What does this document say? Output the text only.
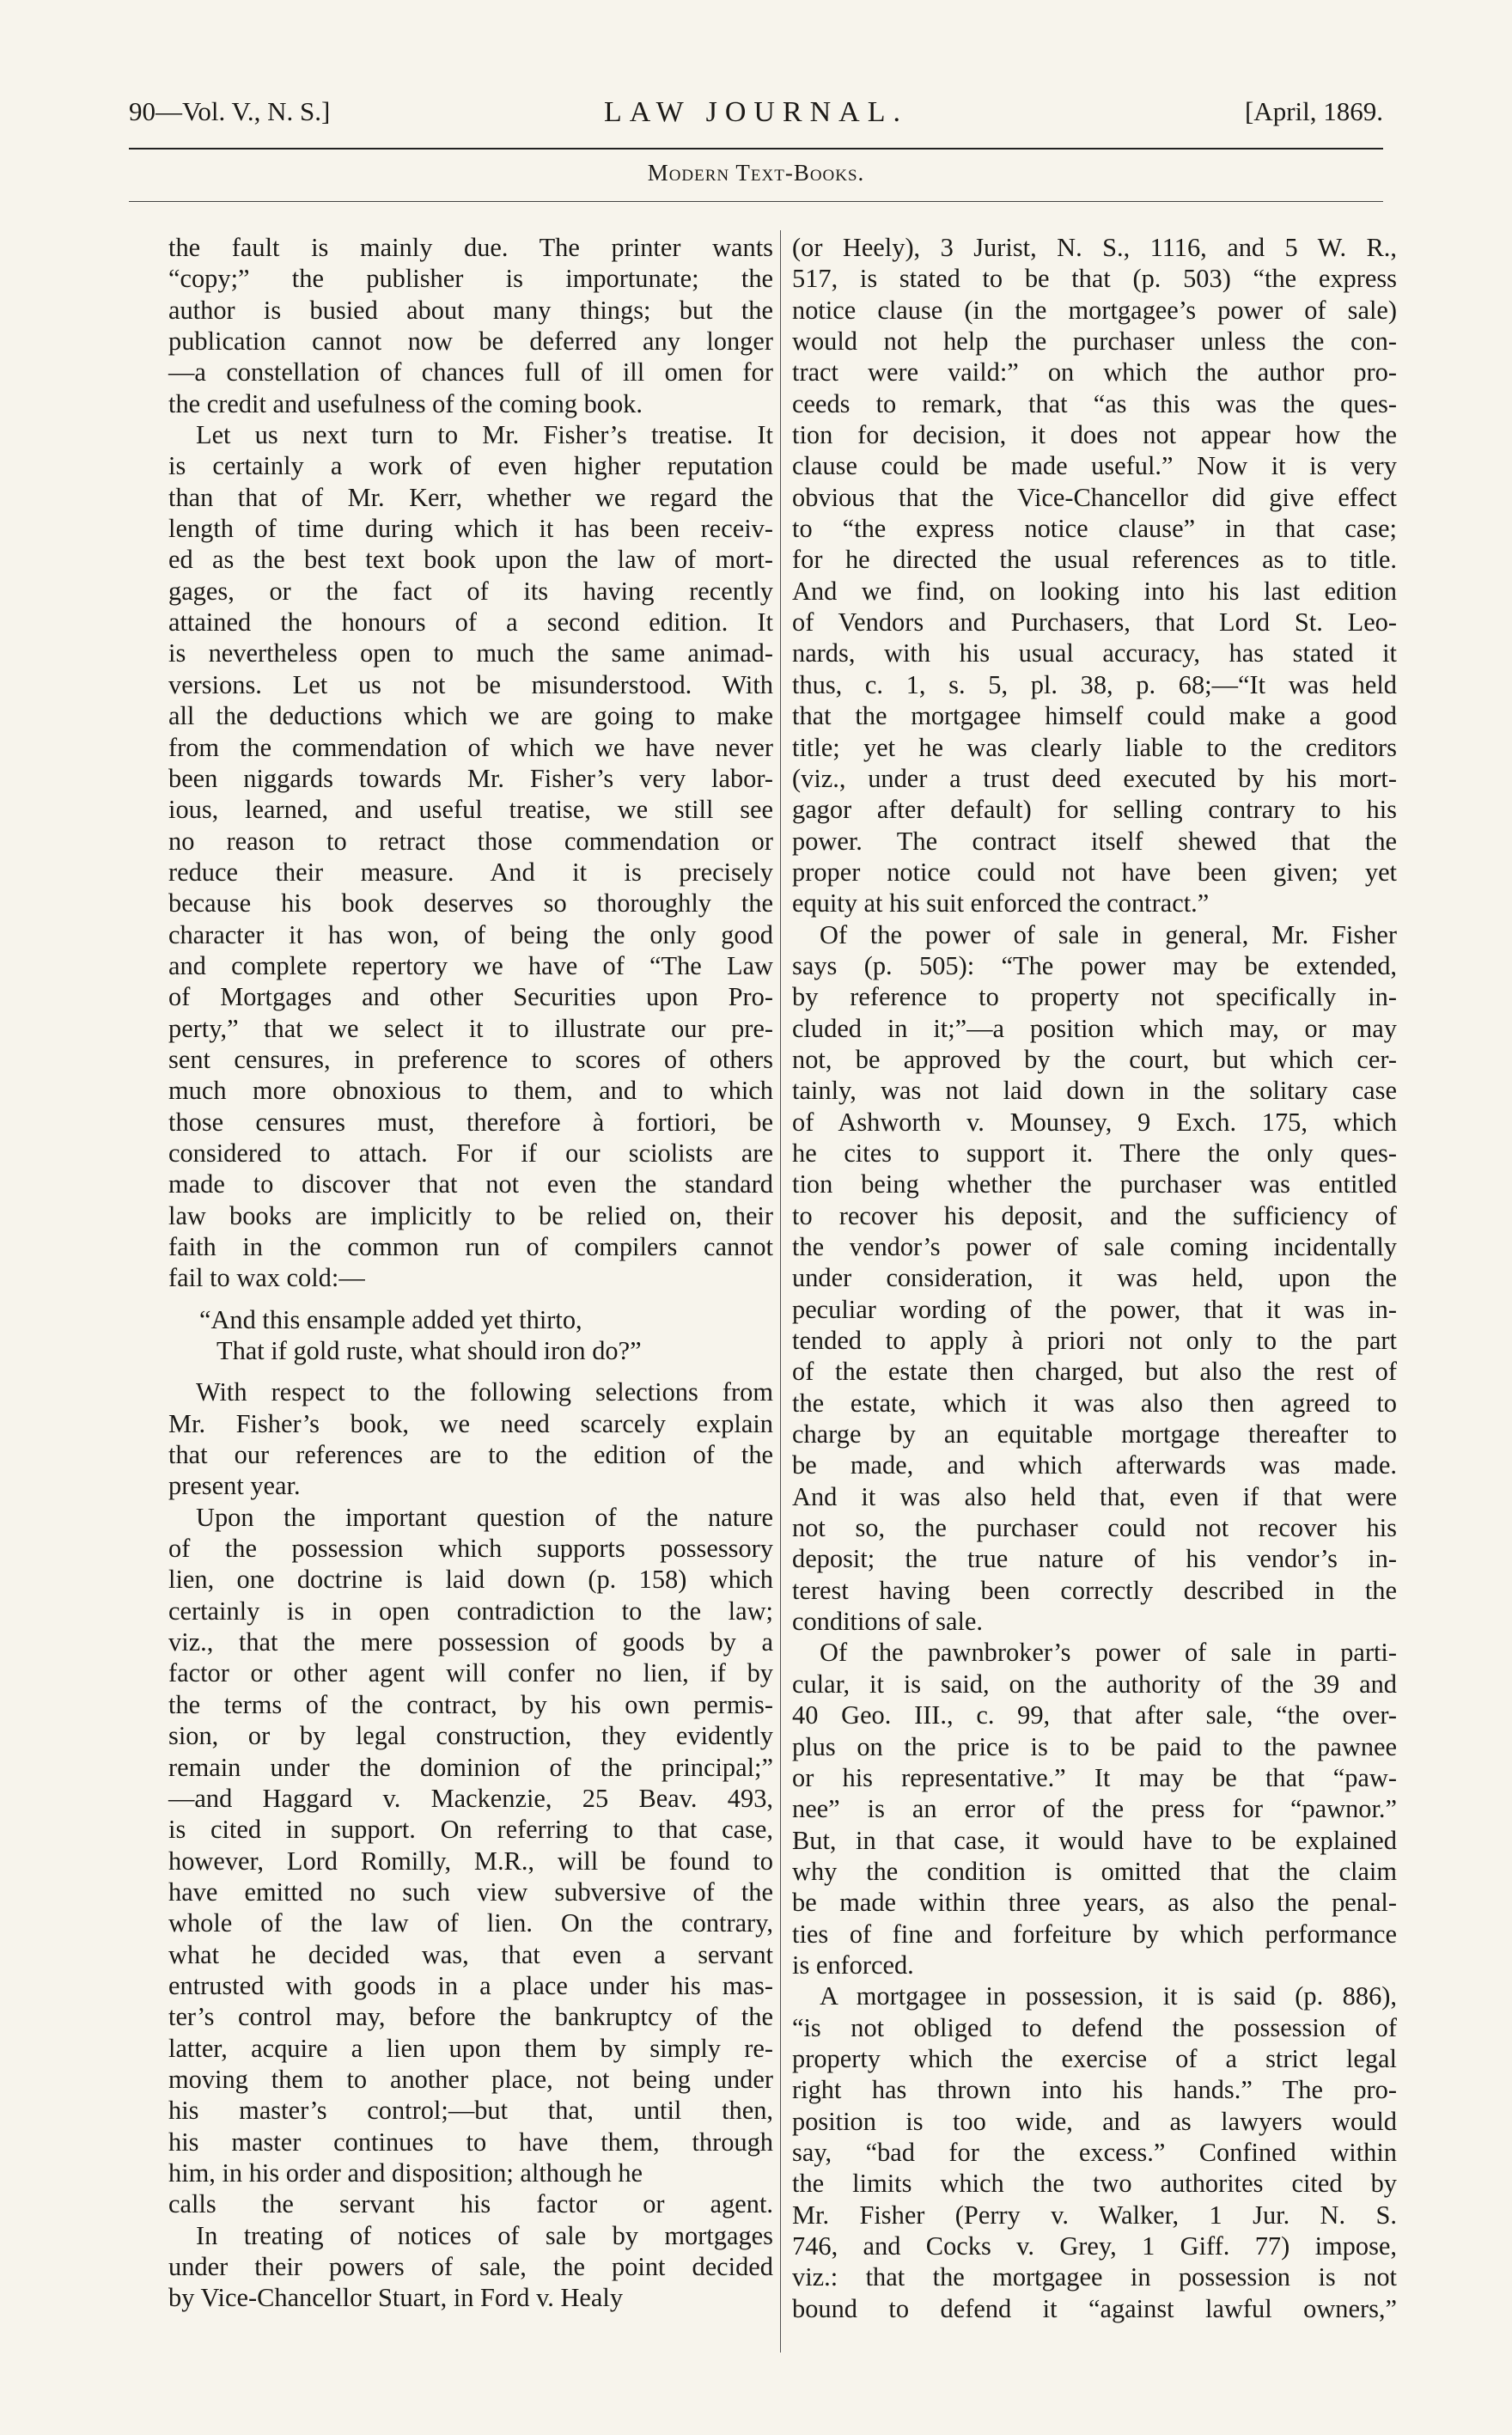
90—Vol. V., N. S.]	LAW JOURNAL.	[April, 1869.
Modern Text-Books.
the fault is mainly due. The printer wants
“copy;” the publisher is importunate; the
author is busied about many things; but the
publication cannot now be deferred any longer
—a constellation of chances full of ill omen for
the credit and usefulness of the coming book.
Let us next turn to Mr. Fisher’s treatise. It
is certainly a work of even higher reputation
than that of Mr. Kerr, whether we regard the
length of time during which it has been receiv-
ed as the best text book upon the law of mort-
gages, or the fact of its having recently
attained the honours of a second edition. It
is nevertheless open to much the same animad-
versions. Let us not be misunderstood. With
all the deductions which we are going to make
from the commendation of which we have never
been niggards towards Mr. Fisher’s very labor-
ious, learned, and useful treatise, we still see
no reason to retract those commendation or
reduce their measure. And it is precisely
because his book deserves so thoroughly the
character it has won, of being the only good
and complete repertory we have of “The Law
of Mortgages and other Securities upon Pro-
perty,” that we select it to illustrate our pre-
sent censures, in preference to scores of others
much more obnoxious to them, and to which
those censures must, therefore à fortiori, be
considered to attach. For if our sciolists are
made to discover that not even the standard
law books are implicitly to be relied on, their
faith in the common run of compilers cannot
fail to wax cold:—
“And this ensample added yet thirto,
That if gold ruste, what should iron do?”
With respect to the following selections from
Mr. Fisher’s book, we need scarcely explain
that our references are to the edition of the
present year.
Upon the important question of the nature
of the possession which supports possessory
lien, one doctrine is laid down (p. 158) which
certainly is in open contradiction to the law;
viz., that the mere possession of goods by a
factor or other agent will confer no lien, if by
the terms of the contract, by his own permis-
sion, or by legal construction, they evidently
remain under the dominion of the principal;”
—and Haggard v. Mackenzie, 25 Beav. 493,
is cited in support. On referring to that case,
however, Lord Romilly, M.R., will be found to
have emitted no such view subversive of the
whole of the law of lien. On the contrary,
what he decided was, that even a servant
entrusted with goods in a place under his mas-
ter’s control may, before the bankruptcy of the
latter, acquire a lien upon them by simply re-
moving them to another place, not being under
his master’s control;—but that, until then,
his master continues to have them, through
him, in his order and disposition; although he
calls the servant his factor or agent.
In treating of notices of sale by mortgages
under their powers of sale, the point decided
by Vice-Chancellor Stuart, in Ford v. Healy
(or Heely), 3 Jurist, N. S., 1116, and 5 W. R.,
517, is stated to be that (p. 503) “the express
notice clause (in the mortgagee’s power of sale)
would not help the purchaser unless the con-
tract were vaild:” on which the author pro-
ceeds to remark, that “as this was the ques-
tion for decision, it does not appear how the
clause could be made useful.” Now it is very
obvious that the Vice-Chancellor did give effect
to “the express notice clause” in that case;
for he directed the usual references as to title.
And we find, on looking into his last edition
of Vendors and Purchasers, that Lord St. Leo-
nards, with his usual accuracy, has stated it
thus, c. 1, s. 5, pl. 38, p. 68;—“It was held
that the mortgagee himself could make a good
title; yet he was clearly liable to the creditors
(viz., under a trust deed executed by his mort-
gagor after default) for selling contrary to his
power. The contract itself shewed that the
proper notice could not have been given; yet
equity at his suit enforced the contract.”
Of the power of sale in general, Mr. Fisher
says (p. 505): “The power may be extended,
by reference to property not specifically in-
cluded in it;”—a position which may, or may
not, be approved by the court, but which cer-
tainly, was not laid down in the solitary case
of Ashworth v. Mounsey, 9 Exch. 175, which
he cites to support it. There the only ques-
tion being whether the purchaser was entitled
to recover his deposit, and the sufficiency of
the vendor’s power of sale coming incidentally
under consideration, it was held, upon the
peculiar wording of the power, that it was in-
tended to apply à priori not only to the part
of the estate then charged, but also the rest of
the estate, which it was also then agreed to
charge by an equitable mortgage thereafter to
be made, and which afterwards was made.
And it was also held that, even if that were
not so, the purchaser could not recover his
deposit; the true nature of his vendor’s in-
terest having been correctly described in the
conditions of sale.
Of the pawnbroker’s power of sale in parti-
cular, it is said, on the authority of the 39 and
40 Geo. III., c. 99, that after sale, “the over-
plus on the price is to be paid to the pawnee
or his representative.” It may be that “paw-
nee” is an error of the press for “pawnor.”
But, in that case, it would have to be explained
why the condition is omitted that the claim
be made within three years, as also the penal-
ties of fine and forfeiture by which performance
is enforced.
A mortgagee in possession, it is said (p. 886),
“is not obliged to defend the possession of
property which the exercise of a strict legal
right has thrown into his hands.” The pro-
position is too wide, and as lawyers would
say, “bad for the excess.” Confined within
the limits which the two authorites cited by
Mr. Fisher (Perry v. Walker, 1 Jur. N. S.
746, and Cocks v. Grey, 1 Giff. 77) impose,
viz.: that the mortgagee in possession is not
bound to defend it “against lawful owners,”
